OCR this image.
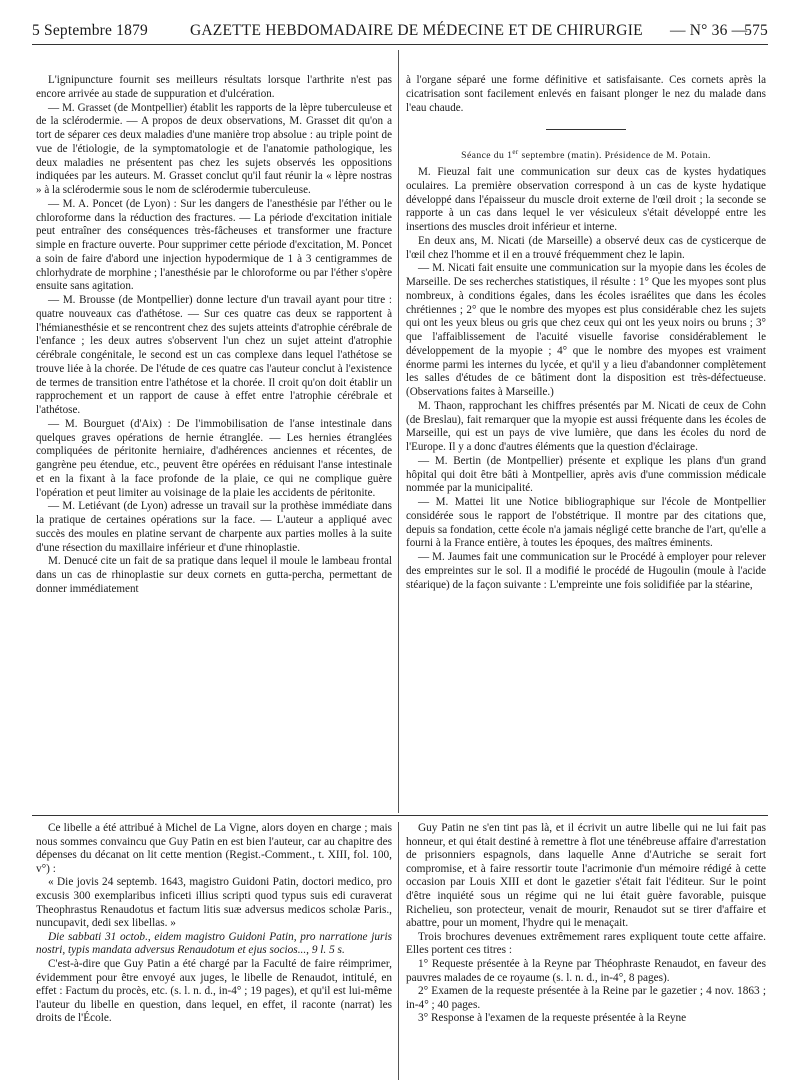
5 Septembre 1879	GAZETTE HEBDOMADAIRE DE MÉDECINE ET DE CHIRURGIE — N° 36 —
575

L'ignipuncture fournit ses meilleurs résultats lorsque l'arthrite n'est pas encore arrivée au stade de suppuration et d'ulcération.

— M. Grasset (de Montpellier) établit les rapports de la lèpre tuberculeuse et de la sclérodermie. — A propos de deux observations, M. Grasset dit qu'on a tort de séparer ces deux maladies d'une manière trop absolue : au triple point de vue de l'étiologie, de la symptomatologie et de l'anatomie pathologique, les deux maladies ne présentent pas chez les sujets observés les oppositions indiquées par les auteurs. M. Grasset conclut qu'il faut réunir la « lèpre nostras » à la sclérodermie sous le nom de sclérodermie tuberculeuse.

— M. A. Poncet (de Lyon) : Sur les dangers de l'anesthésie par l'éther ou le chloroforme dans la réduction des fractures. — La période d'excitation initiale peut entraîner des conséquences très-fâcheuses et transformer une fracture simple en fracture ouverte. Pour supprimer cette période d'excitation, M. Poncet a soin de faire d'abord une injection hypodermique de 1 à 3 centigrammes de chlorhydrate de morphine ; l'anesthésie par le chloroforme ou par l'éther s'opère ensuite sans agitation.

— M. Brousse (de Montpellier) donne lecture d'un travail ayant pour titre : quatre nouveaux cas d'athétose. — Sur ces quatre cas deux se rapportent à l'hémianesthésie et se rencontrent chez des sujets atteints d'atrophie cérébrale de l'enfance ; les deux autres s'observent l'un chez un sujet atteint d'atrophie cérébrale congénitale, le second est un cas complexe dans lequel l'athétose se trouve liée à la chorée. De l'étude de ces quatre cas l'auteur conclut à l'existence de termes de transition entre l'athétose et la chorée. Il croit qu'on doit établir un rapprochement et un rapport de cause à effet entre l'atrophie cérébrale et l'athétose.

— M. Bourguet (d'Aix) : De l'immobilisation de l'anse intestinale dans quelques graves opérations de hernie étranglée. — Les hernies étranglées compliquées de péritonite herniaire, d'adhérences anciennes et récentes, de gangrène peu étendue, etc., peuvent être opérées en réduisant l'anse intestinale et en la fixant à la face profonde de la plaie, ce qui ne complique guère l'opération et peut limiter au voisinage de la plaie les accidents de péritonite.

— M. Letiévant (de Lyon) adresse un travail sur la prothèse immédiate dans la pratique de certaines opérations sur la face. — L'auteur a appliqué avec succès des moules en platine servant de charpente aux parties molles à la suite d'une résection du maxillaire inférieur et d'une rhinoplastie.

M. Denucé cite un fait de sa pratique dans lequel il moule le lambeau frontal dans un cas de rhinoplastie sur deux cornets en gutta-percha, permettant de donner immédiatement

à l'organe séparé une forme définitive et satisfaisante. Ces cornets après la cicatrisation sont facilement enlevés en faisant plonger le nez du malade dans l'eau chaude.

Séance du 1er septembre (matin). Présidence de M. Potain.

M. Fieuzal fait une communication sur deux cas de kystes hydatiques oculaires. La première observation correspond à un cas de kyste hydatique développé dans l'épaisseur du muscle droit externe de l'œil droit ; la seconde se rapporte à un cas dans lequel le ver vésiculeux s'était développé entre les insertions des muscles droit inférieur et interne.

En deux ans, M. Nicati (de Marseille) a observé deux cas de cysticerque de l'œil chez l'homme et il en a trouvé fréquemment chez le lapin.

— M. Nicati fait ensuite une communication sur la myopie dans les écoles de Marseille. De ses recherches statistiques, il résulte : 1° Que les myopes sont plus nombreux, à conditions égales, dans les écoles israélites que dans les écoles chrétiennes ; 2° que le nombre des myopes est plus considérable chez les sujets qui ont les yeux bleus ou gris que chez ceux qui ont les yeux noirs ou bruns ; 3° que l'affaiblissement de l'acuité visuelle favorise considérablement le développement de la myopie ; 4° que le nombre des myopes est vraiment énorme parmi les internes du lycée, et qu'il y a lieu d'abandonner complètement les salles d'études de ce bâtiment dont la disposition est très-défectueuse. (Observations faites à Marseille.)

M. Thaon, rapprochant les chiffres présentés par M. Nicati de ceux de Cohn (de Breslau), fait remarquer que la myopie est aussi fréquente dans les écoles de Marseille, qui est un pays de vive lumière, que dans les écoles du nord de l'Europe. Il y a donc d'autres éléments que la question d'éclairage.

— M. Bertin (de Montpellier) présente et explique les plans d'un grand hôpital qui doit être bâti à Montpellier, après avis d'une commission médicale nommée par la municipalité.

— M. Mattei lit une Notice bibliographique sur l'école de Montpellier considérée sous le rapport de l'obstétrique. Il montre par des citations que, depuis sa fondation, cette école n'a jamais négligé cette branche de l'art, qu'elle a fourni à la France entière, à toutes les époques, des maîtres éminents.

— M. Jaumes fait une communication sur le Procédé à employer pour relever des empreintes sur le sol. Il a modifié le procédé de Hugoulin (moule à l'acide stéarique) de la façon suivante : L'empreinte une fois solidifiée par la stéarine,

Ce libelle a été attribué à Michel de La Vigne, alors doyen en charge ; mais nous sommes convaincu que Guy Patin en est bien l'auteur, car au chapitre des dépenses du décanat on lit cette mention (Regist.-Comment., t. XIII, fol. 100, v°) :

« Die jovis 24 septemb. 1643, magistro Guidoni Patin, doctori medico, pro excusis 300 exemplaribus inficeti illius scripti quod typus suis edi curaverat Theophrastus Renaudotus et factum litis suæ adversus medicos scholæ Paris., nuncupavit, dedi sex libellas. »

Die sabbati 31 octob., eidem magistro Guidoni Patin, pro narratione juris nostri, typis mandata adversus Renaudotum et ejus socios..., 9 l. 5 s.

C'est-à-dire que Guy Patin a été chargé par la Faculté de faire réimprimer, évidemment pour être envoyé aux juges, le libelle de Renaudot, intitulé, en effet : Factum du procès, etc. (s. l. n. d., in-4° ; 19 pages), et qu'il est lui-même l'auteur du libelle en question, dans lequel, en effet, il raconte (narrat) les droits de l'École.

Guy Patin ne s'en tint pas là, et il écrivit un autre libelle qui ne lui fait pas honneur, et qui était destiné à remettre à flot une ténébreuse affaire d'arrestation de prisonniers espagnols, dans laquelle Anne d'Autriche se serait fort compromise, et à faire ressortir toute l'acrimonie d'un mémoire rédigé à cette occasion par Louis XIII et dont le gazetier s'était fait l'éditeur. Sur le point d'être inquiété sous un régime qui ne lui était guère favorable, puisque Richelieu, son protecteur, venait de mourir, Renaudot sut se tirer d'affaire et abattre, pour un moment, l'hydre qui le menaçait.

Trois brochures devenues extrêmement rares expliquent toute cette affaire. Elles portent ces titres :

1° Requeste présentée à la Reyne par Théophraste Renaudot, en faveur des pauvres malades de ce royaume (s. l. n. d., in-4°, 8 pages).

2° Examen de la requeste présentée à la Reine par le gazetier ; 4 nov. 1863 ; in-4° ; 40 pages.

3° Response à l'examen de la requeste présentée à la Reyne
